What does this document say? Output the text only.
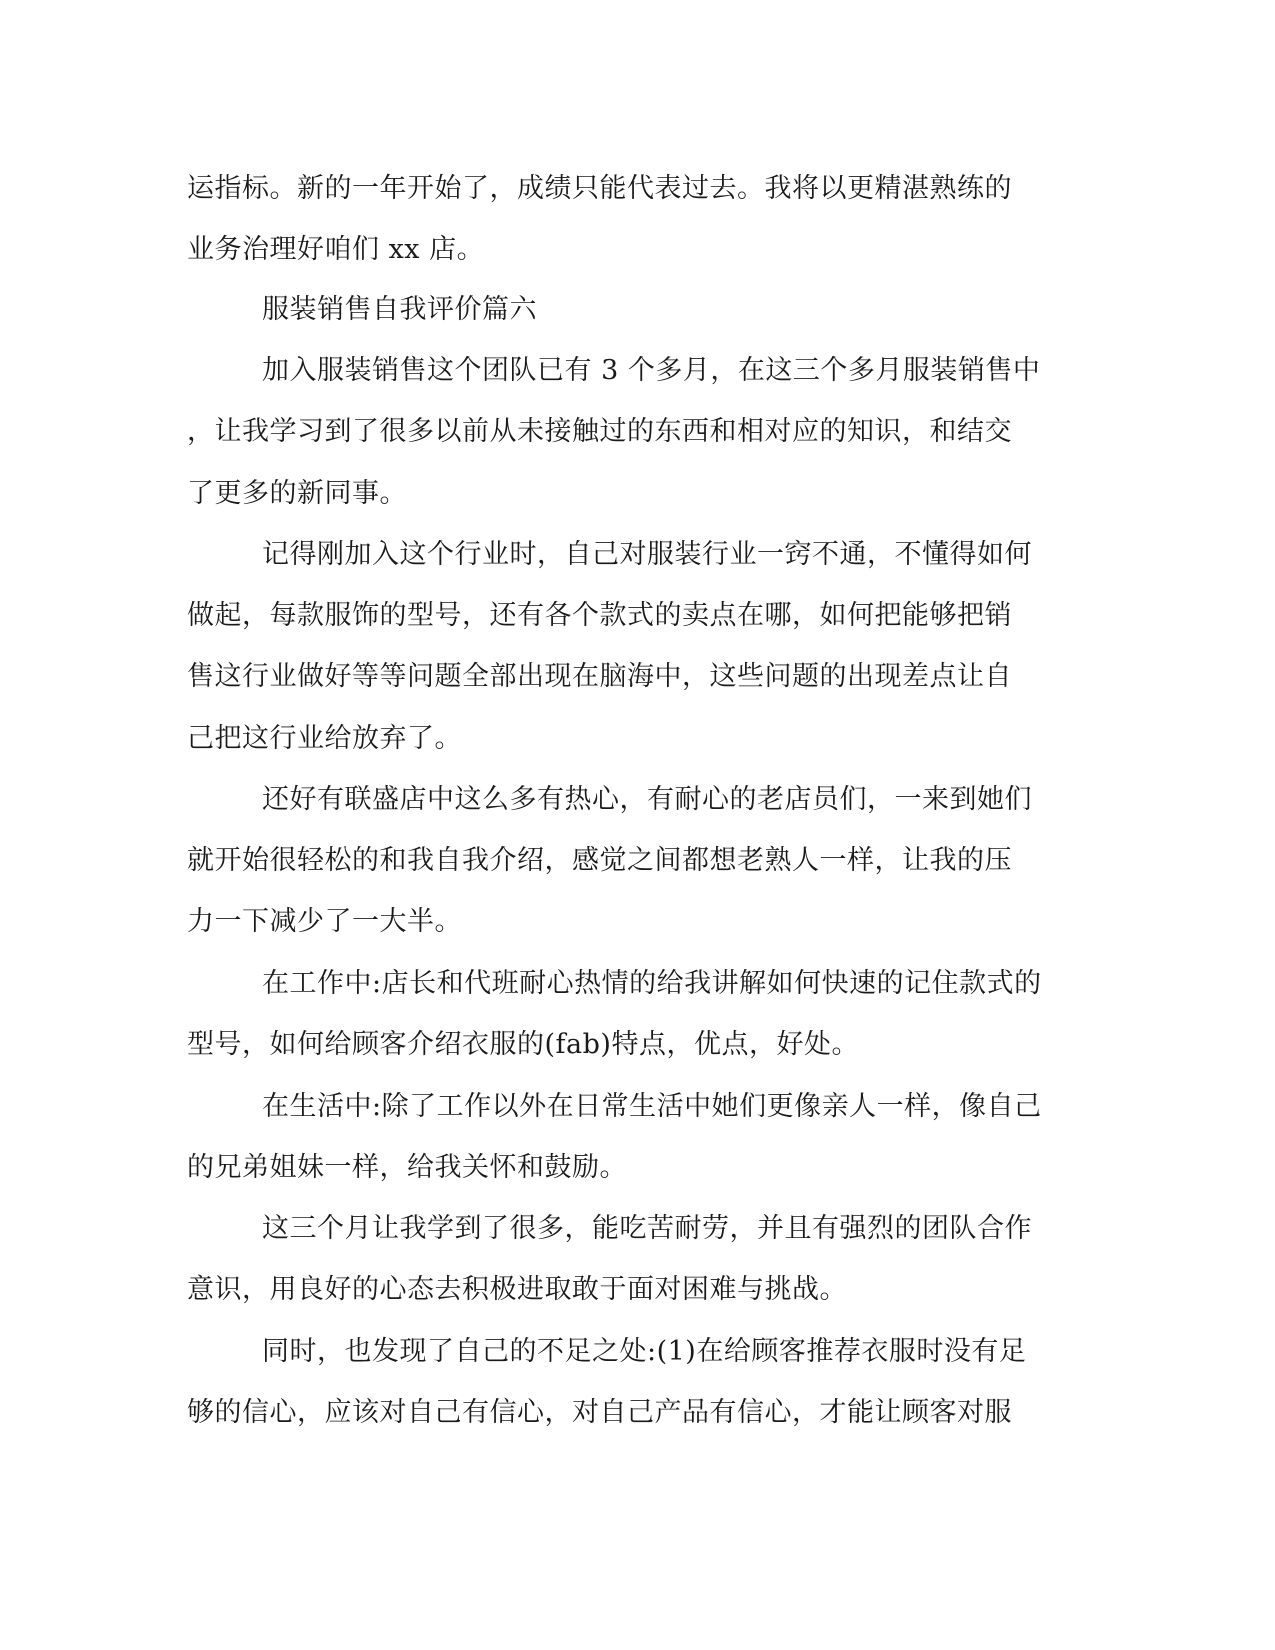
运指标。新的一年开始了，成绩只能代表过去。我将以更精湛熟练的
业务治理好咱们 xx 店。
服装销售自我评价篇六
加入服装销售这个团队已有 3 个多月，在这三个多月服装销售中
，让我学习到了很多以前从未接触过的东西和相对应的知识，和结交
了更多的新同事。
记得刚加入这个行业时，自己对服装行业一窍不通，不懂得如何
做起，每款服饰的型号，还有各个款式的卖点在哪，如何把能够把销
售这行业做好等等问题全部出现在脑海中，这些问题的出现差点让自
己把这行业给放弃了。
还好有联盛店中这么多有热心，有耐心的老店员们，一来到她们
就开始很轻松的和我自我介绍，感觉之间都想老熟人一样，让我的压
力一下减少了一大半。
在工作中:店长和代班耐心热情的给我讲解如何快速的记住款式的
型号，如何给顾客介绍衣服的(fab)特点，优点，好处。
在生活中:除了工作以外在日常生活中她们更像亲人一样，像自己
的兄弟姐妹一样，给我关怀和鼓励。
这三个月让我学到了很多，能吃苦耐劳，并且有强烈的团队合作
意识，用良好的心态去积极进取敢于面对困难与挑战。
同时，也发现了自己的不足之处:(1)在给顾客推荐衣服时没有足
够的信心，应该对自己有信心，对自己产品有信心，才能让顾客对服
